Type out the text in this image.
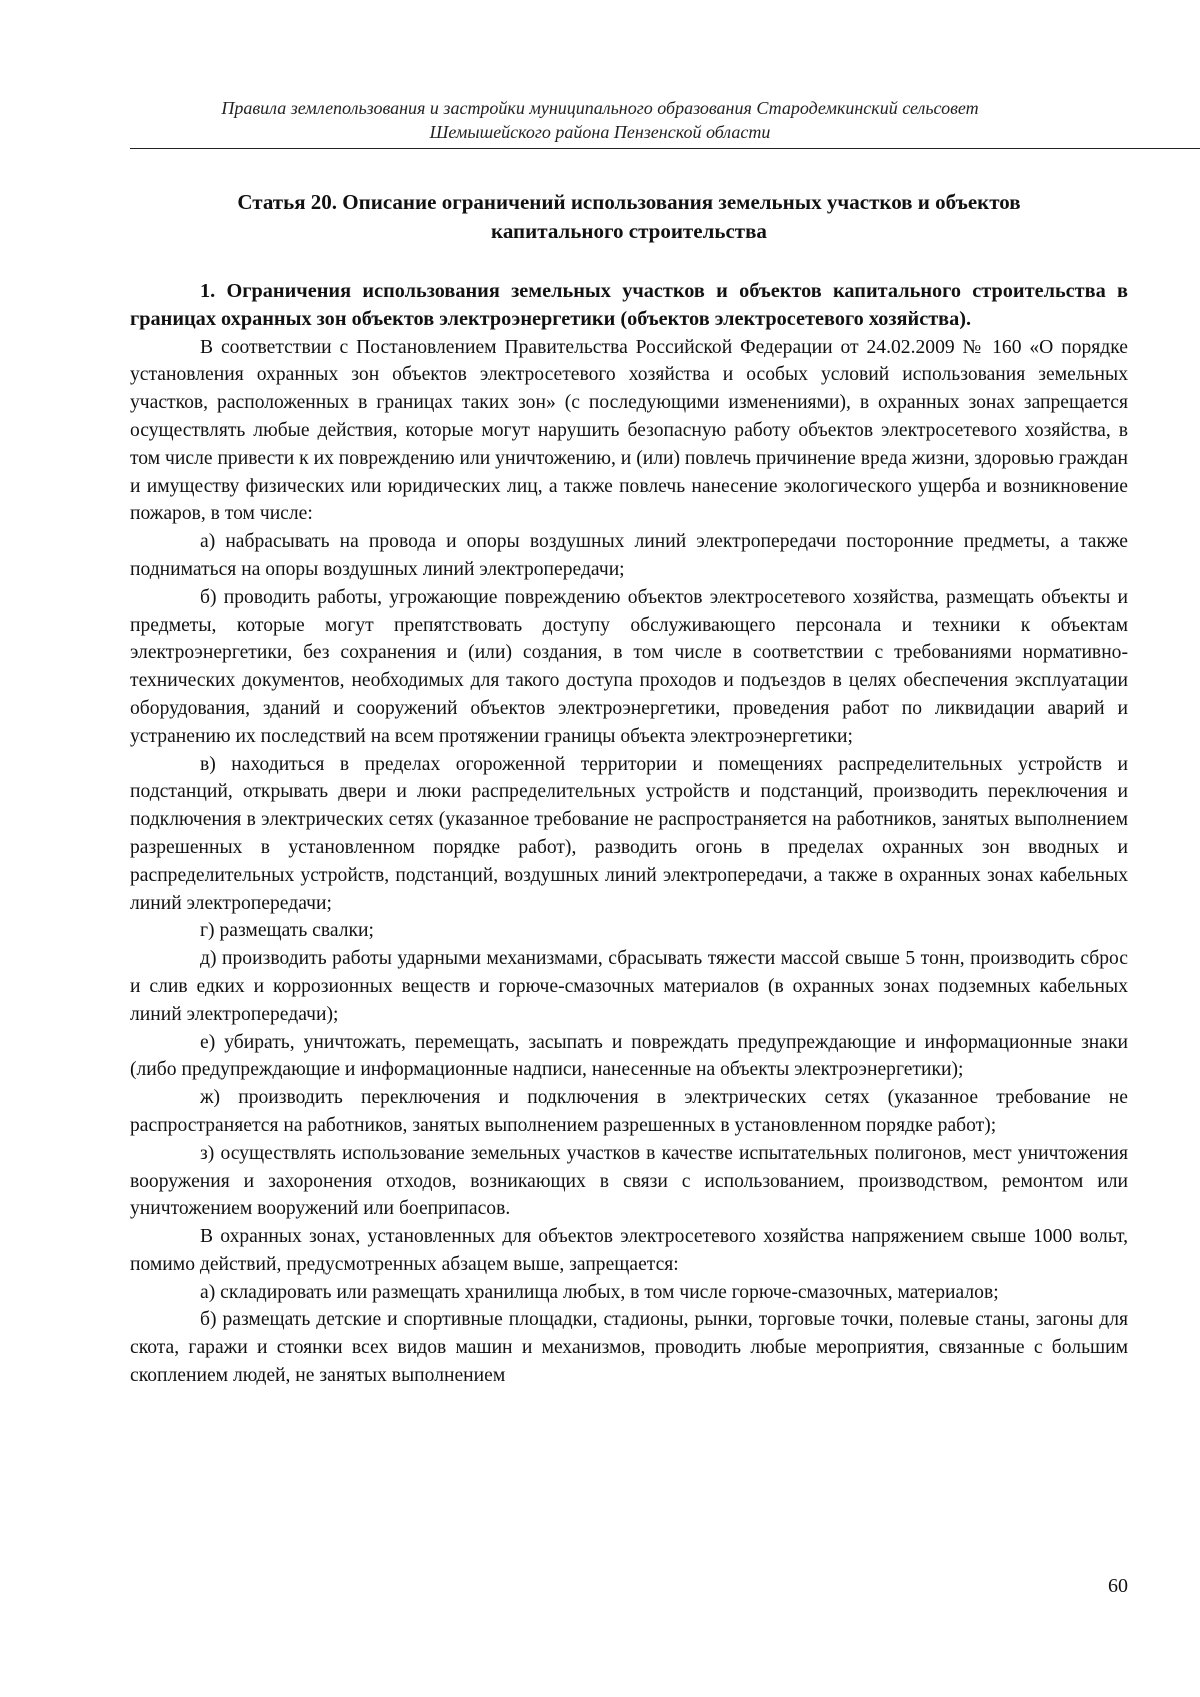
Правила землепользования и застройки муниципального образования Стародемкинский сельсовет
Шемышейского района Пензенской области
Статья 20. Описание ограничений использования земельных участков и объектов
капитального строительства

1. Ограничения использования земельных участков и объектов капитального строительства в границах охранных зон объектов электроэнергетики (объектов электросетевого хозяйства).

В соответствии с Постановлением Правительства Российской Федерации от 24.02.2009 № 160 «О порядке установления охранных зон объектов электросетевого хозяйства и особых условий использования земельных участков, расположенных в границах таких зон» (с последующими изменениями), в охранных зонах запрещается осуществлять любые действия, которые могут нарушить безопасную работу объектов электросетевого хозяйства, в том числе привести к их повреждению или уничтожению, и (или) повлечь причинение вреда жизни, здоровью граждан и имуществу физических или юридических лиц, а также повлечь нанесение экологического ущерба и возникновение пожаров, в том числе:

а) набрасывать на провода и опоры воздушных линий электропередачи посторонние предметы, а также подниматься на опоры воздушных линий электропередачи;

б) проводить работы, угрожающие повреждению объектов электросетевого хозяйства, размещать объекты и предметы, которые могут препятствовать доступу обслуживающего персонала и техники к объектам электроэнергетики, без сохранения и (или) создания, в том числе в соответствии с требованиями нормативно-технических документов, необходимых для такого доступа проходов и подъездов в целях обеспечения эксплуатации оборудования, зданий и сооружений объектов электроэнергетики, проведения работ по ликвидации аварий и устранению их последствий на всем протяжении границы объекта электроэнергетики;

в) находиться в пределах огороженной территории и помещениях распределительных устройств и подстанций, открывать двери и люки распределительных устройств и подстанций, производить переключения и подключения в электрических сетях (указанное требование не распространяется на работников, занятых выполнением разрешенных в установленном порядке работ), разводить огонь в пределах охранных зон вводных и распределительных устройств, подстанций, воздушных линий электропередачи, а также в охранных зонах кабельных линий электропередачи;

г) размещать свалки;

д) производить работы ударными механизмами, сбрасывать тяжести массой свыше 5 тонн, производить сброс и слив едких и коррозионных веществ и горюче-смазочных материалов (в охранных зонах подземных кабельных линий электропередачи);

е) убирать, уничтожать, перемещать, засыпать и повреждать предупреждающие и информационные знаки (либо предупреждающие и информационные надписи, нанесенные на объекты электроэнергетики);

ж) производить переключения и подключения в электрических сетях (указанное требование не распространяется на работников, занятых выполнением разрешенных в установленном порядке работ);

з) осуществлять использование земельных участков в качестве испытательных полигонов, мест уничтожения вооружения и захоронения отходов, возникающих в связи с использованием, производством, ремонтом или уничтожением вооружений или боеприпасов.

В охранных зонах, установленных для объектов электросетевого хозяйства напряжением свыше 1000 вольт, помимо действий, предусмотренных абзацем выше, запрещается:

а) складировать или размещать хранилища любых, в том числе горюче-смазочных, материалов;

б) размещать детские и спортивные площадки, стадионы, рынки, торговые точки, полевые станы, загоны для скота, гаражи и стоянки всех видов машин и механизмов, проводить любые мероприятия, связанные с большим скоплением людей, не занятых выполнением

60
